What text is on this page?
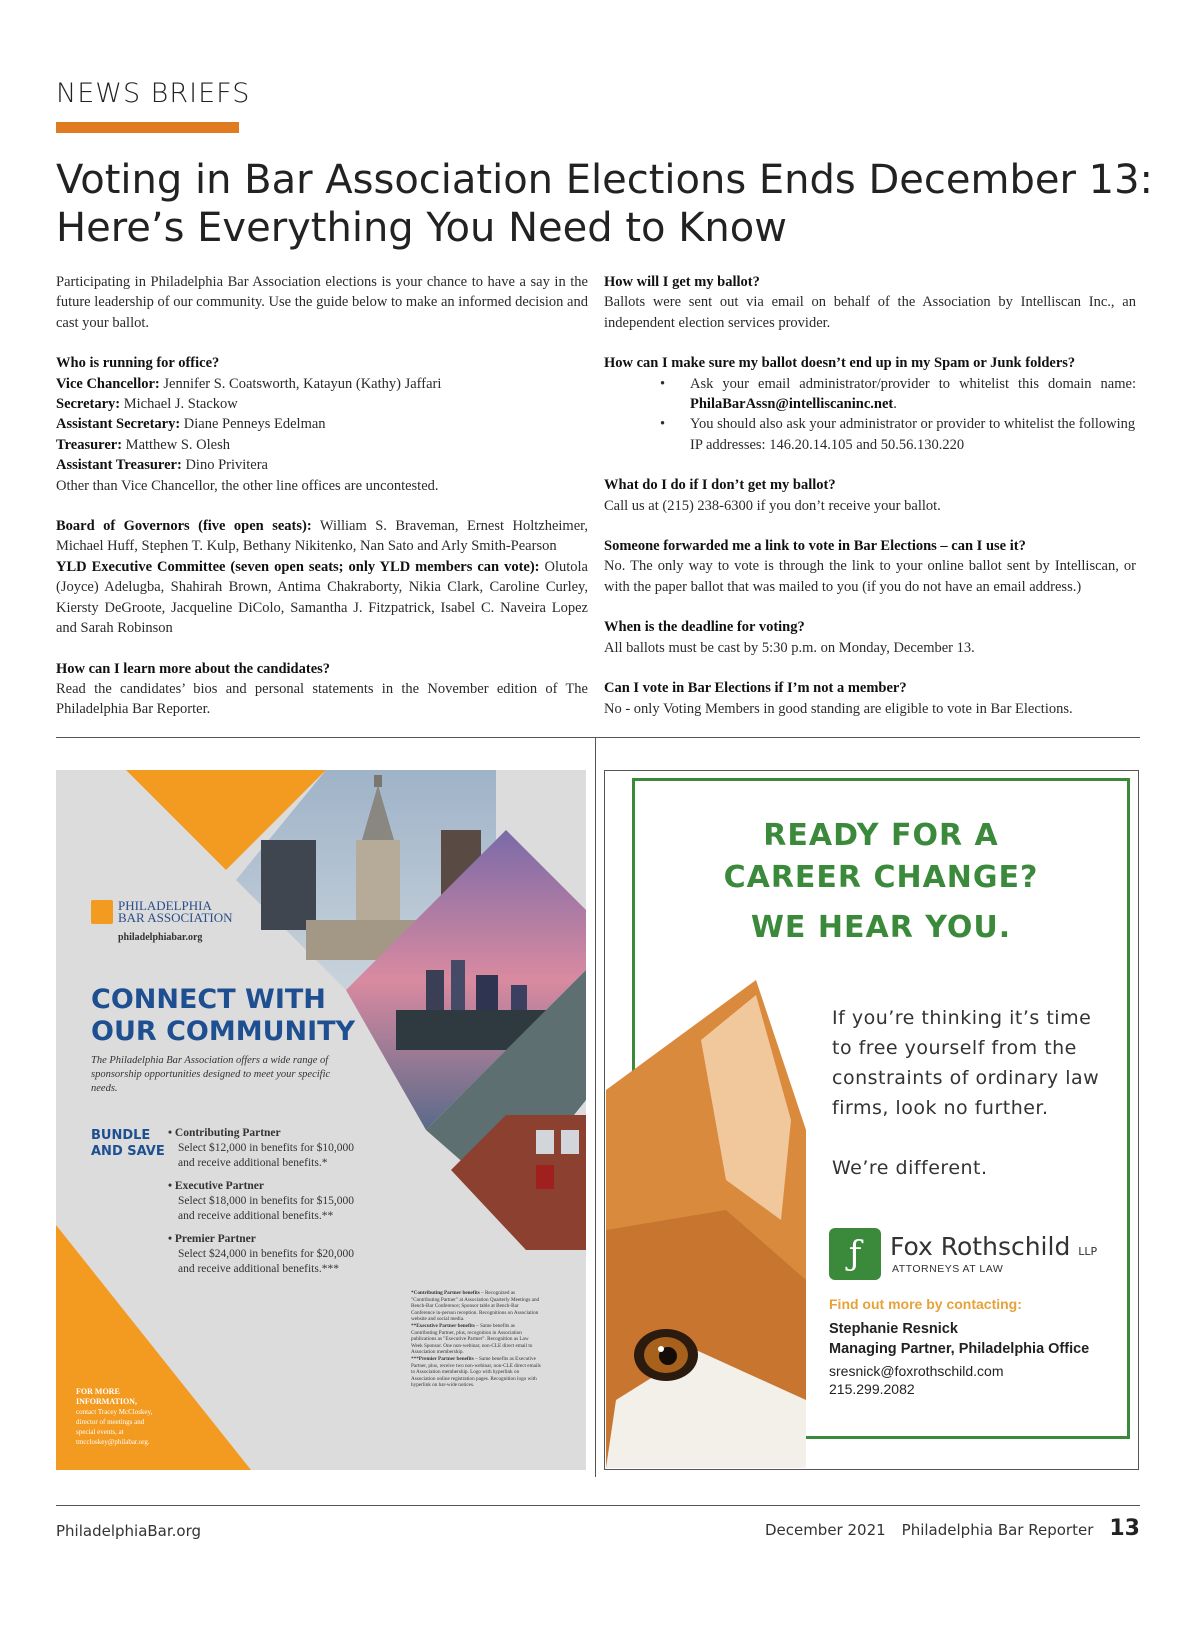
NEWS BRIEFS
Voting in Bar Association Elections Ends December 13:
Here’s Everything You Need to Know

Participating in Philadelphia Bar Association elections is your chance to have a say in the future leadership of our community. Use the guide below to make an informed decision and cast your ballot.

Who is running for office?

Vice Chancellor: Jennifer S. Coatsworth, Katayun (Kathy) Jaffari

Secretary: Michael J. Stackow

Assistant Secretary: Diane Penneys Edelman

Treasurer: Matthew S. Olesh

Assistant Treasurer: Dino Privitera

Other than Vice Chancellor, the other line offices are uncontested.

Board of Governors (five open seats): William S. Braveman, Ernest Holtzheimer, Michael Huff, Stephen T. Kulp, Bethany Nikitenko, Nan Sato and Arly Smith-Pearson

YLD Executive Committee (seven open seats; only YLD members can vote): Olutola (Joyce) Adelugba, Shahirah Brown, Antima Chakraborty, Nikia Clark, Caroline Curley, Kiersty DeGroote, Jacqueline DiColo, Samantha J. Fitzpatrick, Isabel C. Naveira Lopez and Sarah Robinson

How can I learn more about the candidates?

Read the candidates’ bios and personal statements in the November edition of The Philadelphia Bar Reporter.

How will I get my ballot?

Ballots were sent out via email on behalf of the Association by Intelliscan Inc., an independent election services provider.

How can I make sure my ballot doesn’t end up in my Spam or Junk folders?

•	Ask your email administrator/provider to whitelist this domain name: PhilaBarAssn@intelliscaninc.net.
•	You should also ask your administrator or provider to whitelist the following IP addresses: 146.20.14.105 and 50.56.130.220

What do I do if I don’t get my ballot?

Call us at (215) 238-6300 if you don’t receive your ballot.

Someone forwarded me a link to vote in Bar Elections – can I use it?

No. The only way to vote is through the link to your online ballot sent by Intelliscan, or with the paper ballot that was mailed to you (if you do not have an email address.)

When is the deadline for voting?

All ballots must be cast by 5:30 p.m. on Monday, December 13.

Can I vote in Bar Elections if I’m not a member?

No - only Voting Members in good standing are eligible to vote in Bar Elections.

PHILADELPHIA
BAR ASSOCIATION
philadelphiabar.org
CONNECT WITH
OUR COMMUNITY
The Philadelphia Bar Association offers a wide range of sponsorship opportunities designed to meet your specific needs.
BUNDLE
AND SAVE
• Contributing Partner
Select $12,000 in benefits for $10,000
and receive additional benefits.*
• Executive Partner
Select $18,000 in benefits for $15,000
and receive additional benefits.**
• Premier Partner
Select $24,000 in benefits for $20,000
and receive additional benefits.***
*Contributing Partner benefits – Recognized as "Contributing Partner" at Association Quarterly Meetings and Bench-Bar Conference; Sponsor table at Bench-Bar Conference in-person reception. Recognitions on Association website and social media.
**Executive Partner benefits – Same benefits as Contributing Partner, plus, recognition in Association publications as "Executive Partner". Recognition as Law Week Sponsor. One non-webinar, non-CLE direct email to Association membership.
***Premier Partner benefits – Same benefits as Executive Partner, plus, receive two non-webinar, non-CLE direct emails to Association membership. Logo with hyperlink on Association online registration pages. Recognition logo with hyperlink on bar-wide notices.
FOR MORE
INFORMATION,
contact Tracey McCloskey,
director of meetings and
special events, at
tmccloskey@philabar.org.
READY FOR A
CAREER CHANGE?
WE HEAR YOU.
If you’re thinking it’s time
to free yourself from the
constraints of ordinary law
firms, look no further.
We’re different.
ƒ	Fox Rothschild LLP
ATTORNEYS AT LAW
Find out more by contacting:
Stephanie Resnick
Managing Partner, Philadelphia Office
sresnick@foxrothschild.com
215.299.2082
PhiladelphiaBar.org	December 2021 Philadelphia Bar Reporter 13
